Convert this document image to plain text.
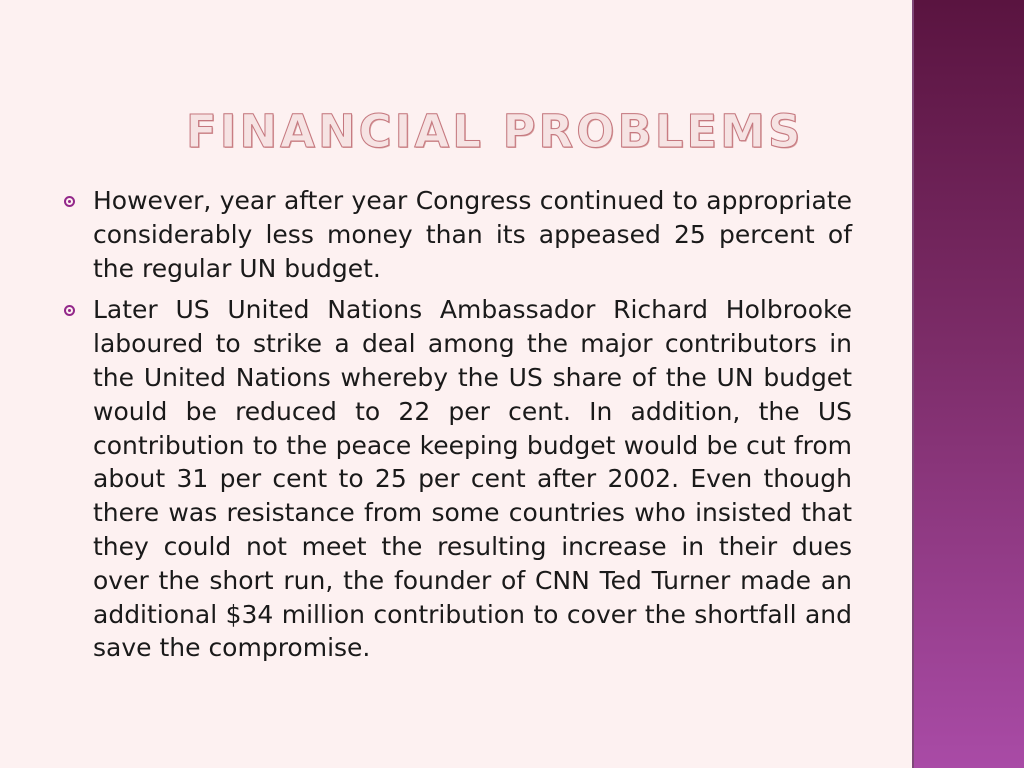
FINANCIAL PROBLEMS
However, year after year Congress continued to appropriate considerably less money than its appeased 25 percent of the regular UN budget.
Later US United Nations Ambassador Richard Holbrooke laboured to strike a deal among the major contributors in the United Nations whereby the US share of the UN budget would be reduced to 22 per cent. In addition, the US contribution to the peace keeping budget would be cut from about 31 per cent to 25 per cent after 2002. Even though there was resistance from some countries who insisted that they could not meet the resulting increase in their dues over the short run, the founder of CNN Ted Turner made an additional $34 million contribution to cover the shortfall and save the compromise.
